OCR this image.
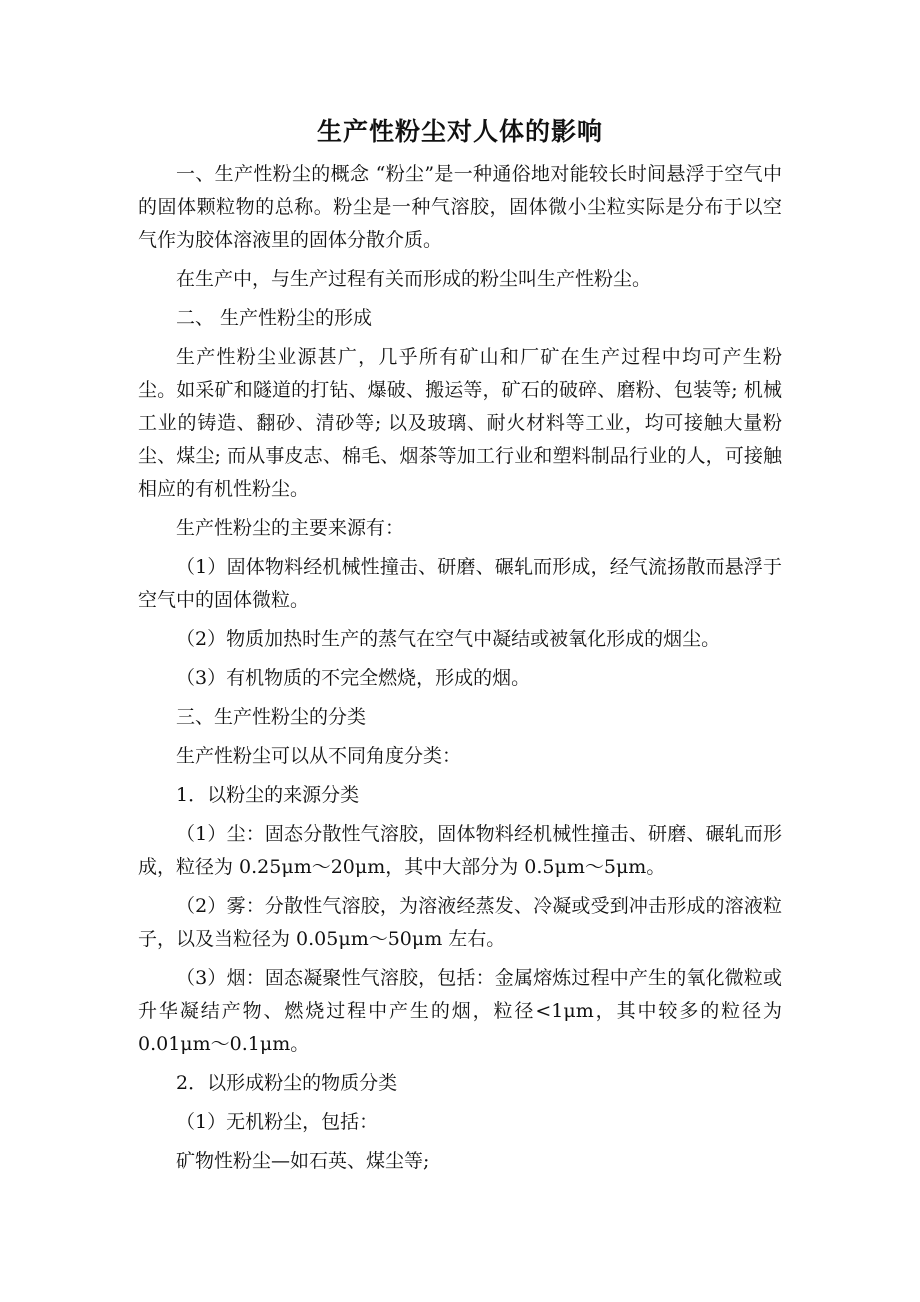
生产性粉尘对人体的影响

一、生产性粉尘的概念 “粉尘”是一种通俗地对能较长时间悬浮于空气中的固体颗粒物的总称。粉尘是一种气溶胶，固体微小尘粒实际是分布于以空气作为胶体溶液里的固体分散介质。

在生产中，与生产过程有关而形成的粉尘叫生产性粉尘。

二、 生产性粉尘的形成

生产性粉尘业源甚广，几乎所有矿山和厂矿在生产过程中均可产生粉尘。如采矿和隧道的打钻、爆破、搬运等，矿石的破碎、磨粉、包装等; 机械工业的铸造、翻砂、清砂等; 以及玻璃、耐火材料等工业，均可接触大量粉尘、煤尘; 而从事皮志、棉毛、烟茶等加工行业和塑料制品行业的人，可接触相应的有机性粉尘。

生产性粉尘的主要来源有：

（1）固体物料经机械性撞击、研磨、碾轧而形成，经气流扬散而悬浮于空气中的固体微粒。

（2）物质加热时生产的蒸气在空气中凝结或被氧化形成的烟尘。

（3）有机物质的不完全燃烧，形成的烟。

三、生产性粉尘的分类

生产性粉尘可以从不同角度分类：

1．以粉尘的来源分类

（1）尘：固态分散性气溶胶，固体物料经机械性撞击、研磨、碾轧而形成，粒径为 0.25μm～20μm，其中大部分为 0.5μm～5μm。

（2）雾：分散性气溶胶，为溶液经蒸发、冷凝或受到冲击形成的溶液粒子，以及当粒径为 0.05μm～50μm 左右。

（3）烟：固态凝聚性气溶胶，包括：金属熔炼过程中产生的氧化微粒或升华凝结产物、燃烧过程中产生的烟，粒径<1μm，其中较多的粒径为 0.01μm～0.1μm。

2．以形成粉尘的物质分类

（1）无机粉尘，包括：

矿物性粉尘—如石英、煤尘等;
